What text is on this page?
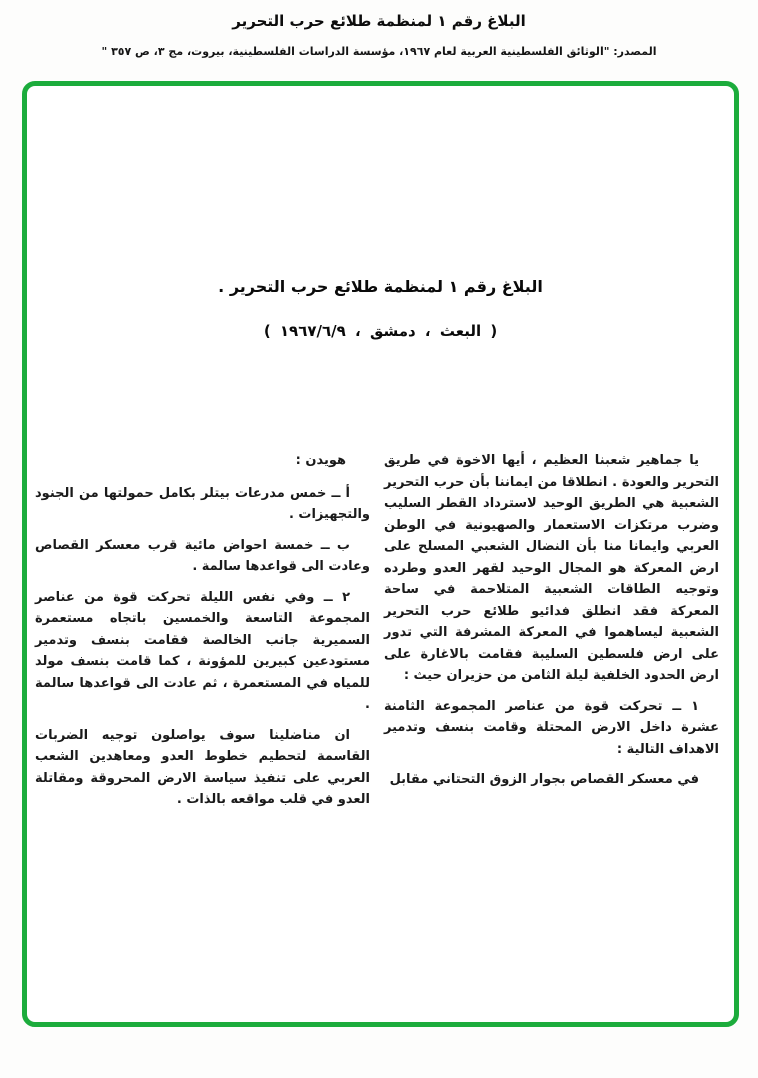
البلاغ رقم ١ لمنظمة طلائع حرب التحرير
المصدر: "الوثائق الفلسطينية العربية لعام ١٩٦٧، مؤسسة الدراسات الفلسطينية، بيروت، مج ٣، ص ٣٥٧ "
البلاغ رقم ١ لمنظمة طلائع حرب التحرير .
( البعث ، دمشق ، ١٩٦٧/٦/٩ )

يا جماهير شعبنا العظيم ، أيها الاخوة في طريق التحرير والعودة . انطلاقا من ايماننا بأن حرب التحرير الشعبية هي الطريق الوحيد لاسترداد القطر السليب وضرب مرتكزات الاستعمار والصهيونية في الوطن العربي وايمانا منا بأن النضال الشعبي المسلح على ارض المعركة هو المجال الوحيد لقهر العدو وطرده وتوجيه الطاقات الشعبية المتلاحمة في ساحة المعركة فقد انطلق فدائيو طلائع حرب التحرير الشعبية ليساهموا في المعركة المشرفة التي تدور على ارض فلسطين السليبة فقامت بالاغارة على ارض الحدود الخلفية ليلة الثامن من حزيران حيث :

١ ــ تحركت قوة من عناصر المجموعة الثامنة عشرة داخل الارض المحتلة وقامت بنسف وتدمير الاهداف التالية :

في معسكر القصاص بجوار الزوق التحتاني مقابل

هويدن :

أ ــ خمس مدرعات بيتلر بكامل حمولتها من الجنود والتجهيزات .

ب ــ خمسة احواض مائية قرب معسكر القصاص وعادت الى قواعدها سالمة .

٢ ــ وفي نفس الليلة تحركت قوة من عناصر المجموعة التاسعة والخمسين باتجاه مستعمرة السميرية جانب الخالصة فقامت بنسف وتدمير مستودعين كبيرين للمؤونة ، كما قامت بنسف مولد للمياه في المستعمرة ، ثم عادت الى قواعدها سالمة .

ان مناضلينا سوف يواصلون توجيه الضربات القاسمة لتحطيم خطوط العدو ومعاهدين الشعب العربي على تنفيذ سياسة الارض المحروقة ومقاتلة العدو في قلب مواقعه بالذات .
